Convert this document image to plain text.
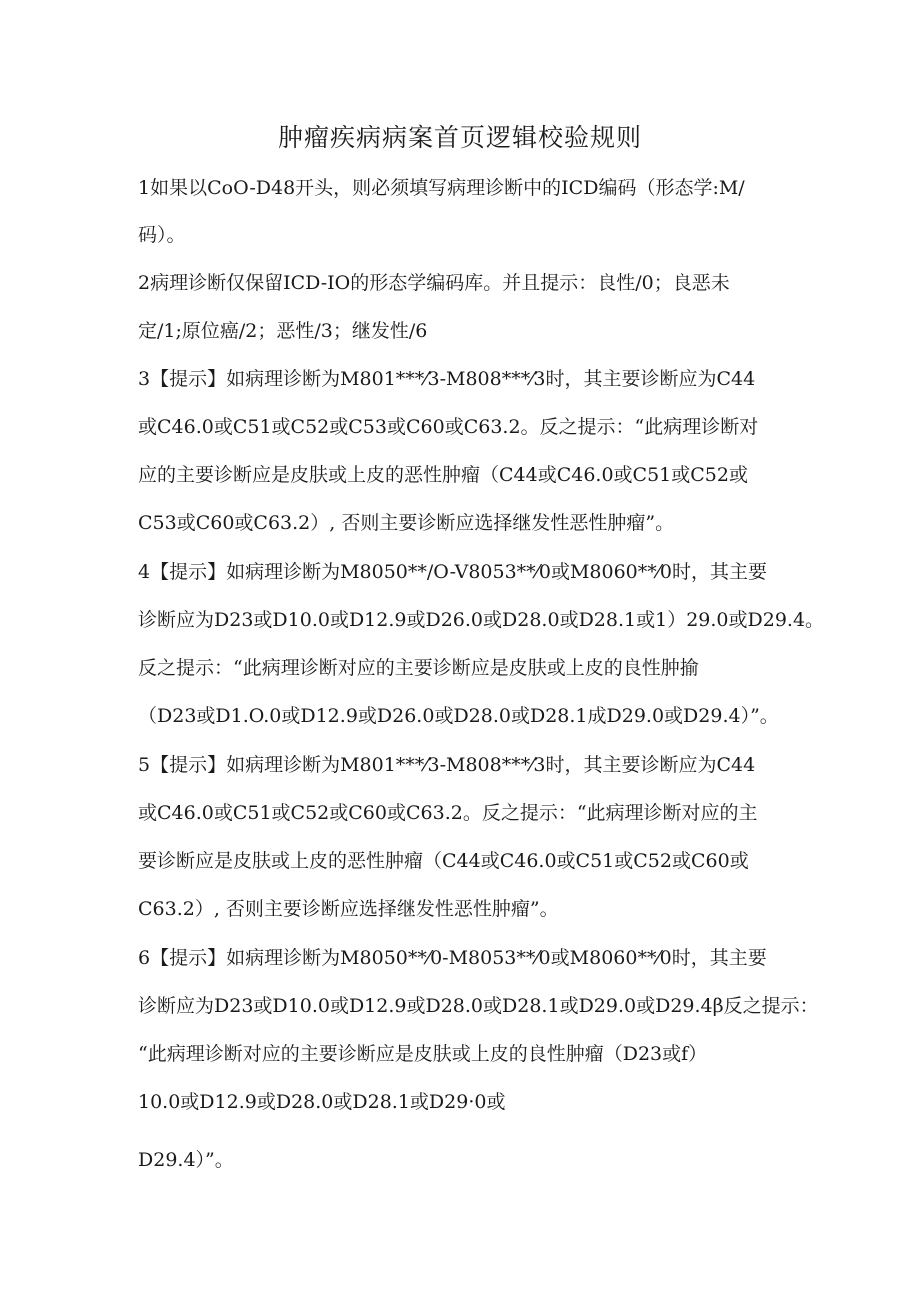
肿瘤疾病病案首页逻辑校验规则
1如果以CoO-D48开头，则必须填写病理诊断中的ICD编码（形态学:M/
码）。
2病理诊断仅保留ICD-IO的形态学编码库。并且提示：良性/0；良恶未
定/1;原位癌/2；恶性/3；继发性/6
3【提示】如病理诊断为M801***⁄3-M808***⁄3时，其主要诊断应为C44
或C46.0或C51或C52或C53或C60或C63.2。反之提示：“此病理诊断对
应的主要诊断应是皮肤或上皮的恶性肿瘤（C44或C46.0或C51或C52或
C53或C60或C63.2）, 否则主要诊断应选择继发性恶性肿瘤”。
4【提示】如病理诊断为M8050**/O-V8053**⁄0或M8060**⁄0时，其主要
诊断应为D23或D10.0或D12.9或D26.0或D28.0或D28.1或1）29.0或D29.4。
反之提示：“此病理诊断对应的主要诊断应是皮肤或上皮的良性肿揄
（D23或D1.O.0或D12.9或D26.0或D28.0或D28.1成D29.0或D29.4）”。
5【提示】如病理诊断为M801***⁄3-M808***⁄3时，其主要诊断应为C44
或C46.0或C51或C52或C60或C63.2。反之提示：“此病理诊断对应的主
要诊断应是皮肤或上皮的恶性肿瘤（C44或C46.0或C51或C52或C60或
C63.2）, 否则主要诊断应选择继发性恶性肿瘤”。
6【提示】如病理诊断为M8050**⁄0-M8053**⁄0或M8060**⁄0时，其主要
诊断应为D23或D10.0或D12.9或D28.0或D28.1或D29.0或D29.4β反之提示：
“此病理诊断对应的主要诊断应是皮肤或上皮的良性肿瘤（D23或f）
10.0或D12.9或D28.0或D28.1或D29·0或
D29.4）”。
